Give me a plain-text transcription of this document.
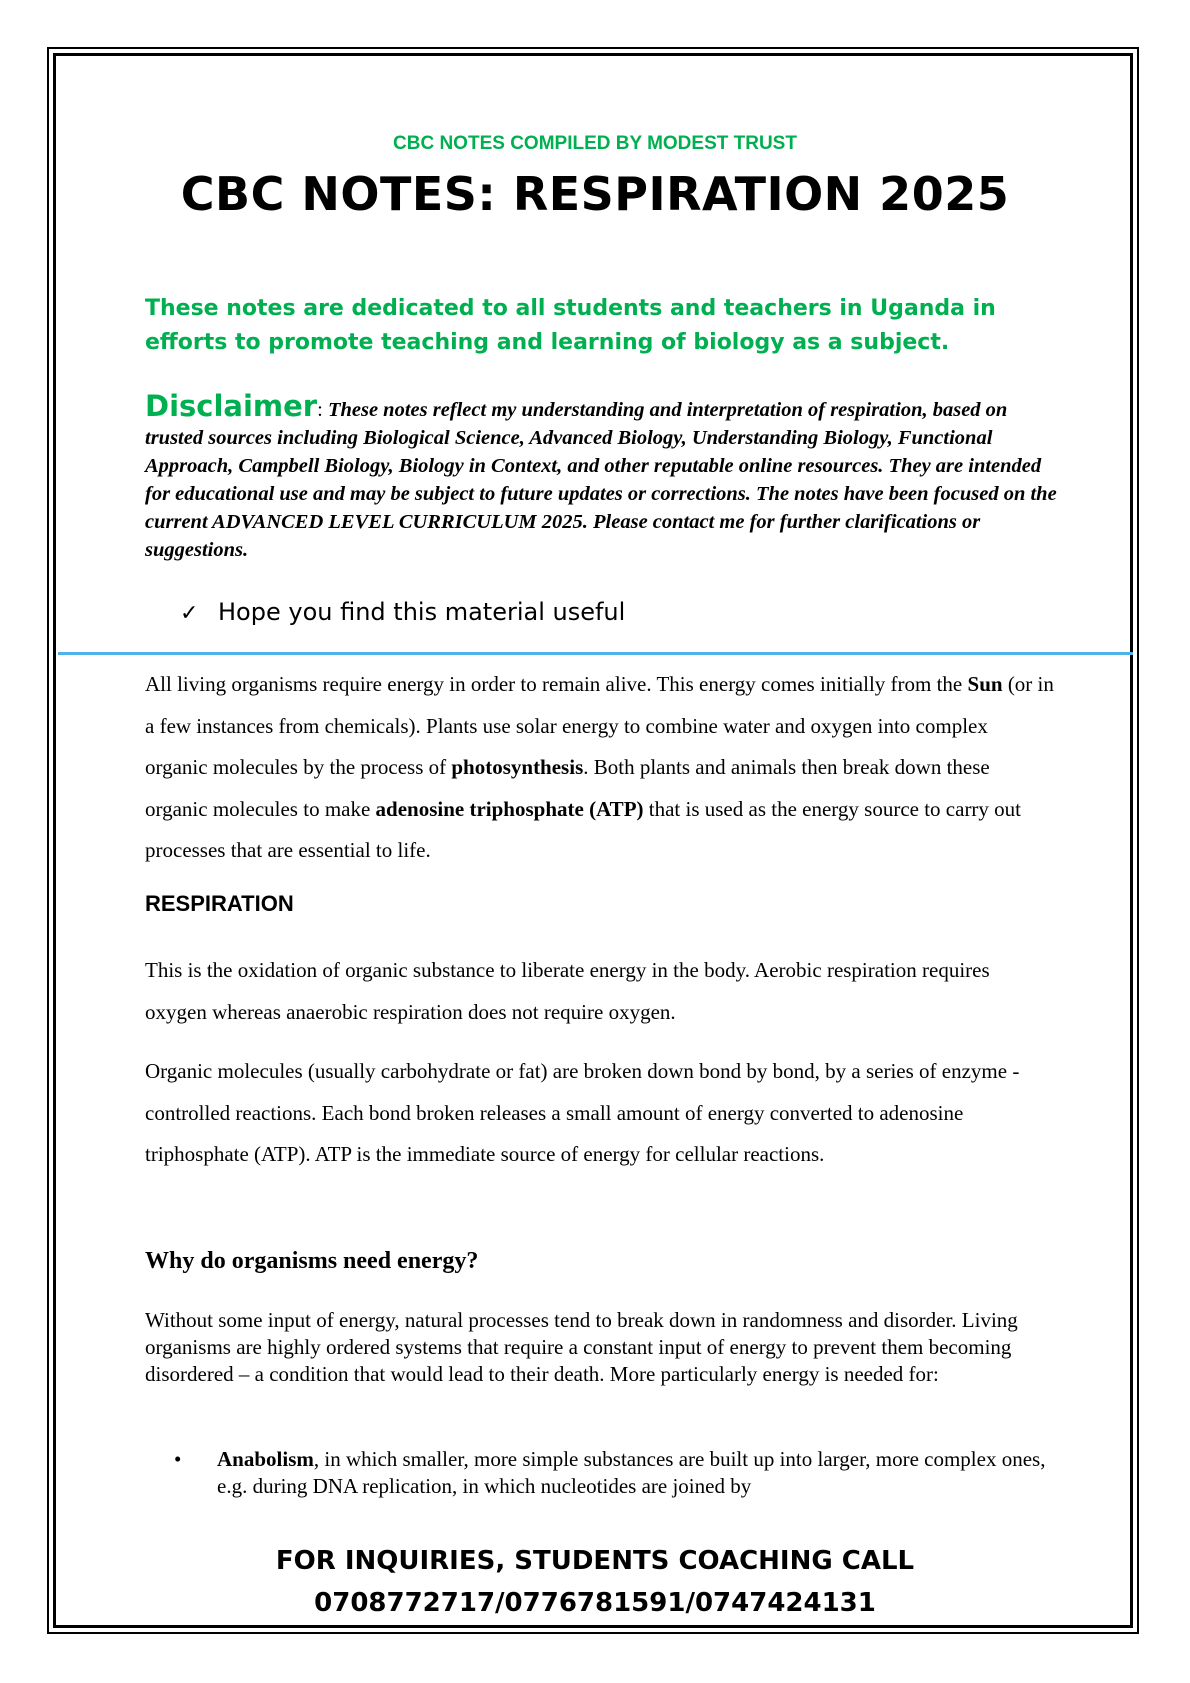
CBC NOTES COMPILED BY MODEST TRUST
CBC NOTES: RESPIRATION 2025
These notes are dedicated to all students and teachers in Uganda in efforts to promote teaching and learning of biology as a subject.
Disclaimer: These notes reflect my understanding and interpretation of respiration, based on trusted sources including Biological Science, Advanced Biology, Understanding Biology, Functional Approach, Campbell Biology, Biology in Context, and other reputable online resources. They are intended for educational use and may be subject to future updates or corrections. The notes have been focused on the current ADVANCED LEVEL CURRICULUM 2025. Please contact me for further clarifications or suggestions.
✓ Hope you find this material useful
All living organisms require energy in order to remain alive. This energy comes initially from the Sun (or in a few instances from chemicals). Plants use solar energy to combine water and oxygen into complex organic molecules by the process of photosynthesis. Both plants and animals then break down these organic molecules to make adenosine triphosphate (ATP) that is used as the energy source to carry out processes that are essential to life.
RESPIRATION
This is the oxidation of organic substance to liberate energy in the body. Aerobic respiration requires oxygen whereas anaerobic respiration does not require oxygen.
Organic molecules (usually carbohydrate or fat) are broken down bond by bond, by a series of enzyme - controlled reactions. Each bond broken releases a small amount of energy converted to adenosine triphosphate (ATP). ATP is the immediate source of energy for cellular reactions.
Why do organisms need energy?
Without some input of energy, natural processes tend to break down in randomness and disorder. Living organisms are highly ordered systems that require a constant input of energy to prevent them becoming disordered – a condition that would lead to their death. More particularly energy is needed for:
• Anabolism, in which smaller, more simple substances are built up into larger, more complex ones, e.g. during DNA replication, in which nucleotides are joined by
FOR INQUIRIES, STUDENTS COACHING CALL
0708772717/0776781591/0747424131
